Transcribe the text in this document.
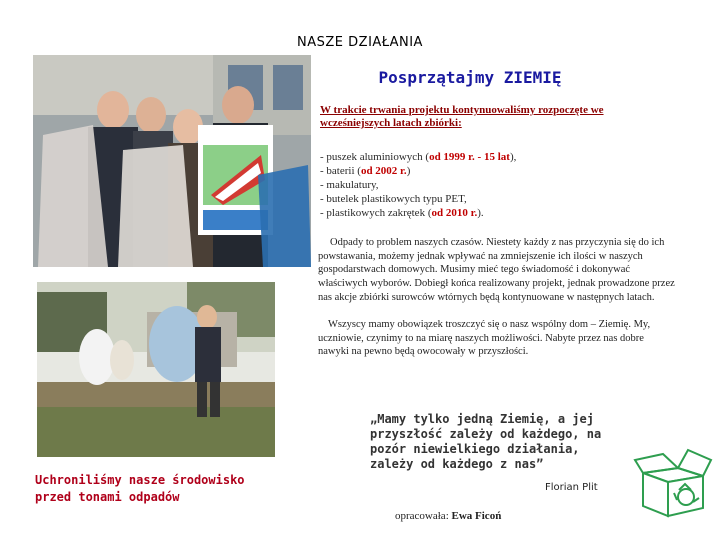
NASZE DZIAŁANIA
Posprzątajmy ZIEMIĘ
W trakcie trwania projektu kontynuowaliśmy rozpoczęte we wcześniejszych latach zbiórki:
- puszek aluminiowych (od 1999 r. - 15 lat),
- baterii (od 2002 r.)
- makulatury,
- butelek plastikowych typu PET,
- plastikowych zakrętek (od 2010 r.).

Odpady to problem naszych czasów. Niestety każdy z nas przyczynia się do ich powstawania, możemy jednak wpływać na zmniejszenie ich ilości w naszych gospodarstwach domowych. Musimy mieć tego świadomość i dokonywać właściwych wyborów. Dobiegł końca realizowany projekt, jednak prowadzone przez nas akcje zbiórki surowców wtórnych będą kontynuowane w następnych latach.

Wszyscy mamy obowiązek troszczyć się o nasz wspólny dom – Ziemię. My, uczniowie, czynimy to na miarę naszych możliwości. Nabyte przez nas dobre nawyki na pewno będą owocowały w przyszłości.

Uchroniliśmy nasze środowisko przed tonami odpadów
„Mamy tylko jedną Ziemię, a jej przyszłość zależy od każdego, na pozór niewielkiego działania, zależy od każdego z nas”
Florian Plit
opracowała: Ewa Ficoń
